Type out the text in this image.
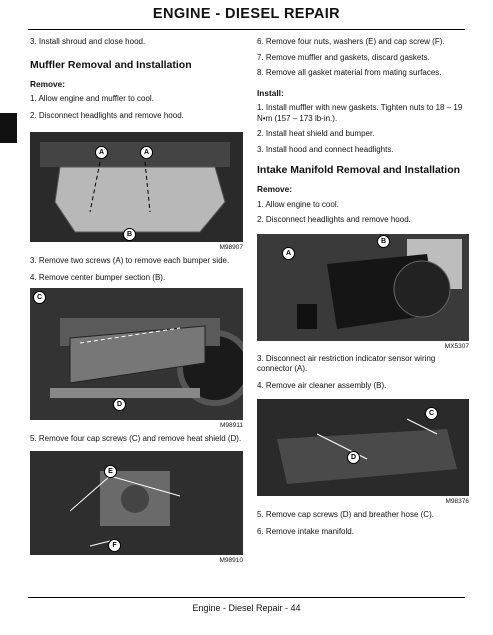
ENGINE - DIESEL REPAIR

3. Install shroud and close hood.

Muffler Removal and Installation

Remove:

1. Allow engine and muffler to cool.

2. Disconnect headlights and remove hood.

A	A
B
M98907

3. Remove two screws (A) to remove each bumper side.

4. Remove center bumper section (B).

C
D
M98911

5. Remove four cap screws (C) and remove heat shield (D).

E
F
M98910

6. Remove four nuts, washers (E) and cap screw (F).

7. Remove muffler and gaskets, discard gaskets.

8. Remove all gasket material from mating surfaces.

Install:

1. Install muffler with new gaskets. Tighten nuts to 18 – 19 N•m (157 – 173 lb-in.).

2. Install heat shield and bumper.

3. Install hood and connect headlights.

Intake Manifold Removal and Installation

Remove:

1. Allow engine to cool.

2. Disconnect headlights and remove hood.

A
B
MX5307

3. Disconnect air restriction indicator sensor wiring connector (A).

4. Remove air cleaner assembly (B).

C
D
M98376

5. Remove cap screws (D) and breather hose (C).

6. Remove intake manifold.

Engine - Diesel Repair - 44
